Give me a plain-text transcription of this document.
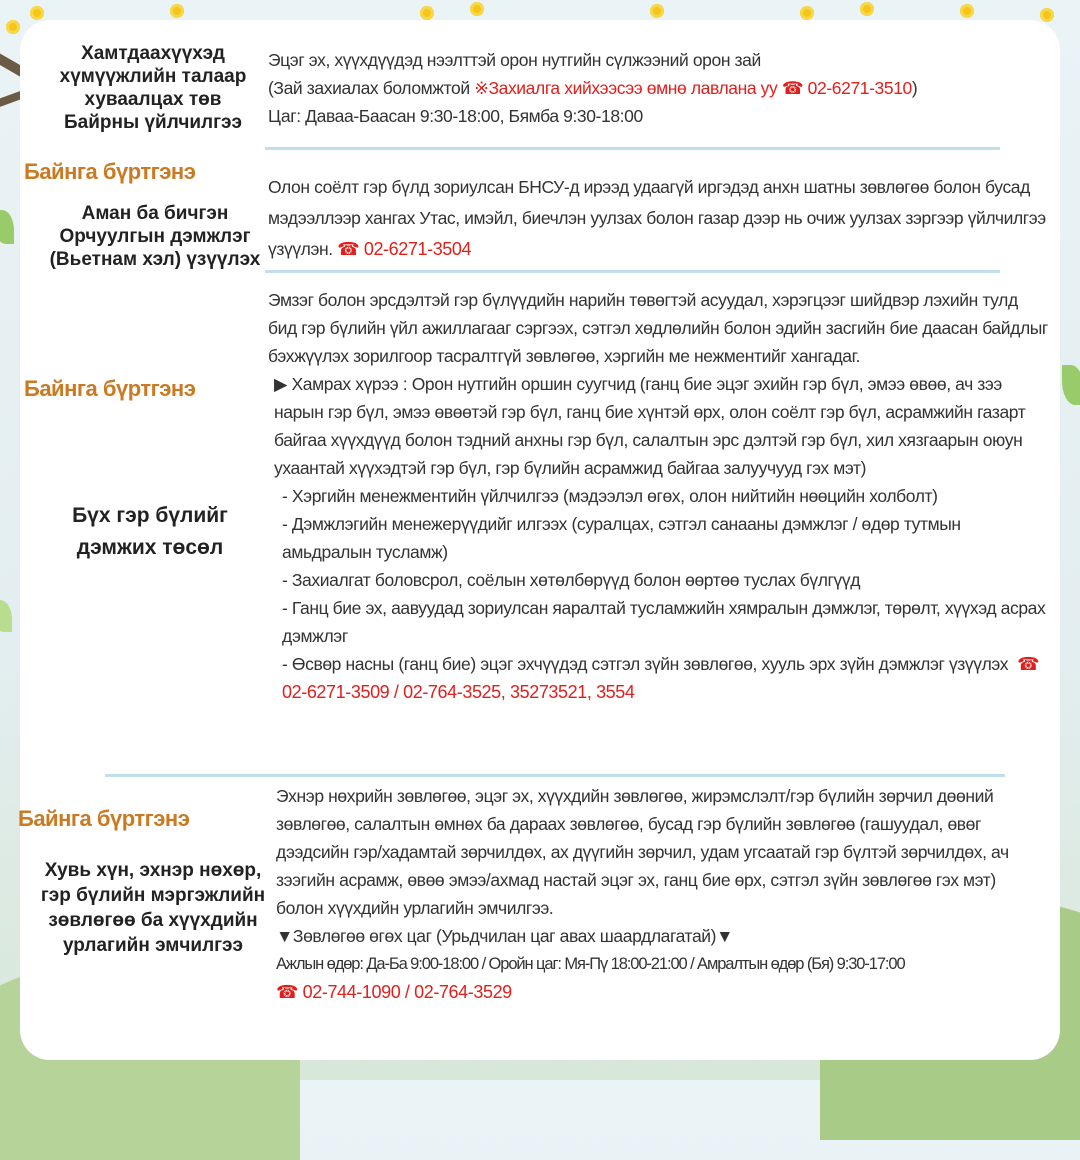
Хамтдаахүүхэд хүмүүжлийн талаар хуваалцах төв Байрны үйлчилгээ

Эцэг эх, хүүхдүүдэд нээлттэй орон нутгийн сүлжээний орон зай

(Зай захиалах боломжтой ※Захиалга хийхээсээ өмнө лавлана уу ☎ 02-6271-3510)

Цаг: Даваа-Баасан 9:30-18:00, Бямба 9:30-18:00

Байнга бүртгэнэ
Аман ба бичгэн Орчуулгын дэмжлэг (Вьетнам хэл) үзүүлэх
Олон соёлт гэр бүлд зориулсан БНСУ-д ирээд удаагүй иргэдэд анхн шатны зөвлөгөө болон бусад мэдээллээр хангах Утас, имэйл, биечлэн уулзах болон газар дээр нь очиж уулзах зэргээр үйлчилгээ үзүүлэн. ☎ 02-6271-3504
Байнга бүртгэнэ
Бүх гэр бүлийг дэмжих төсөл

Эмзэг болон эрсдэлтэй гэр бүлүүдийн нарийн төвөгтэй асуудал, хэрэгцээг шийдвэр лэхийн тулд бид гэр бүлийн үйл ажиллагааг сэргээх, сэтгэл хөдлөлийн болон эдийн засгийн бие даасан байдлыг бэхжүүлэх зорилгоор тасралтгүй зөвлөгөө, хэргийн ме нежментийг хангадаг.

▶ Хамрах хүрээ : Орон нутгийн оршин суугчид (ганц бие эцэг эхийн гэр бүл, эмээ өвөө, ач зээ нарын гэр бүл, эмээ өвөөтэй гэр бүл, ганц бие хүнтэй өрх, олон соёлт гэр бүл, асрамжийн газарт байгаа хүүхдүүд болон тэдний анхны гэр бүл, салалтын эрс дэлтэй гэр бүл, хил хязгаарын оюун ухаантай хүүхэдтэй гэр бүл, гэр бүлийн асрамжид байгаа залуучууд гэх мэт)

- Хэргийн менежментийн үйлчилгээ (мэдээлэл өгөх, олон нийтийн нөөцийн холболт)

- Дэмжлэгийн менежерүүдийг илгээх (суралцах, сэтгэл санааны дэмжлэг / өдөр тутмын амьдралын тусламж)

- Захиалгат боловсрол, соёлын хөтөлбөрүүд болон өөртөө туслах бүлгүүд

- Ганц бие эх, аавуудад зориулсан яаралтай тусламжийн хямралын дэмжлэг, төрөлт, хүүхэд асрах дэмжлэг

- Өсвөр насны (ганц бие) эцэг эхчүүдэд сэтгэл зүйн зөвлөгөө, хууль эрх зүйн дэмжлэг үзүүлэх ☎ 02-6271-3509 / 02-764-3525, 35273521, 3554

Байнга бүртгэнэ
Хувь хүн, эхнэр нөхөр, гэр бүлийн мэргэжлийн зөвлөгөө ба хүүхдийн урлагийн эмчилгээ

Эхнэр нөхрийн зөвлөгөө, эцэг эх, хүүхдийн зөвлөгөө, жирэмслэлт/гэр бүлийн зөрчил дөөний зөвлөгөө, салалтын өмнөх ба дараах зөвлөгөө, бусад гэр бүлийн зөвлөгөө (гашуудал, өвөг дээдсийн гэр/хадамтай зөрчилдөх, ах дүүгийн зөрчил, удам угсаатай гэр бүлтэй зөрчилдөх, ач зээгийн асрамж, өвөө эмээ/ахмад настай эцэг эх, ганц бие өрх, сэтгэл зүйн зөвлөгөө гэх мэт) болон хүүхдийн урлагийн эмчилгээ.

▼Зөвлөгөө өгөх цаг (Урьдчилан цаг авах шаардлагатай)▼

Ажлын өдөр: Да-Ба 9:00-18:00 / Оройн цаг: Мя-Пү 18:00-21:00 / Амралтын өдөр (Бя) 9:30-17:00

☎ 02-744-1090 / 02-764-3529
